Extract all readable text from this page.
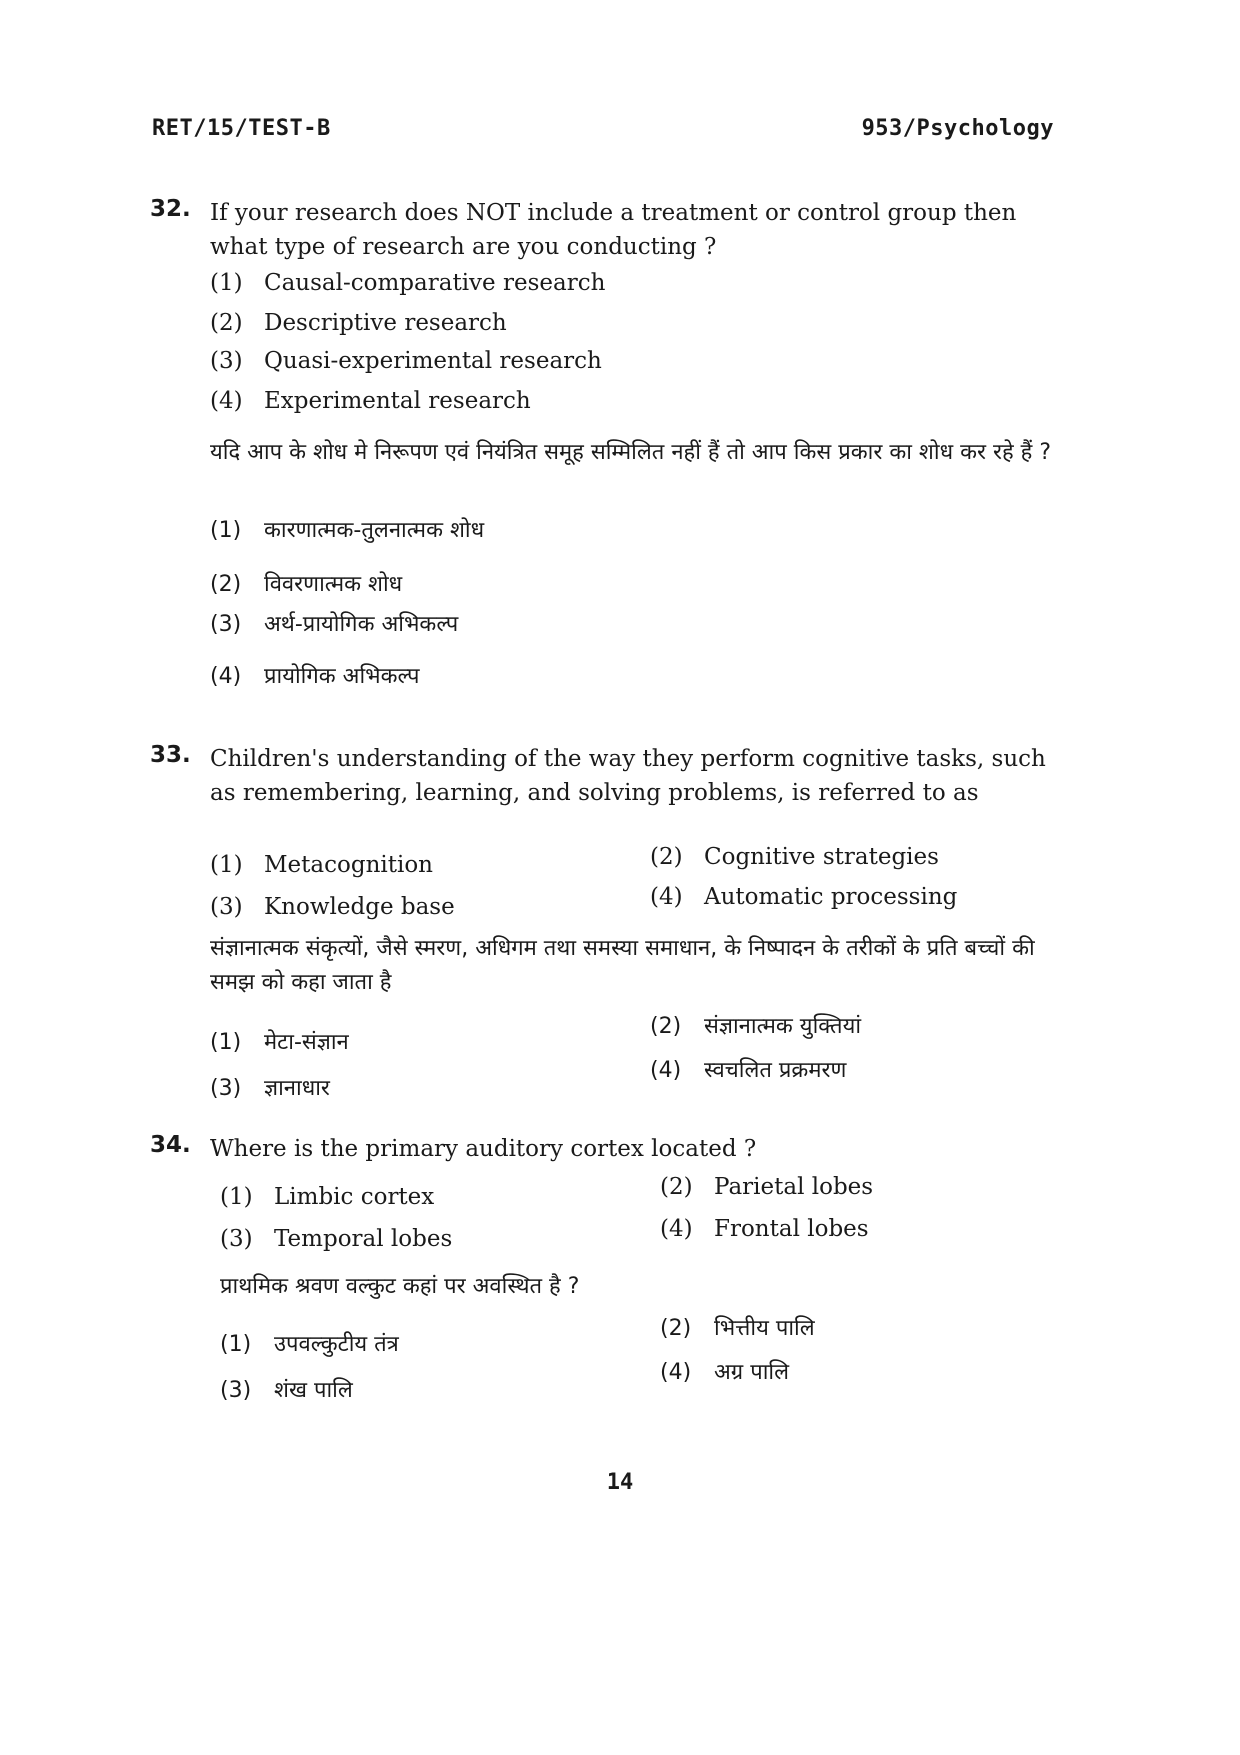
RET/15/TEST-B	953/Psychology
32. If your research does NOT include a treatment or control group then what type of research are you conducting ?
(1) Causal-comparative research
(2) Descriptive research
(3) Quasi-experimental research
(4) Experimental research
यदि आप के शोध मे निरूपण एवं नियंत्रित समूह सम्मिलित नहीं हैं तो आप किस प्रकार का शोध कर रहे हैं ?
(1) कारणात्मक-तुलनात्मक शोध
(2) विवरणात्मक शोध
(3) अर्थ-प्रायोगिक अभिकल्प
(4) प्रायोगिक अभिकल्प
33. Children's understanding of the way they perform cognitive tasks, such as remembering, learning, and solving problems, is referred to as
(1) Metacognition	(2) Cognitive strategies
(3) Knowledge base	(4) Automatic processing
संज्ञानात्मक संकृत्यों, जैसे स्मरण, अधिगम तथा समस्या समाधान, के निष्पादन के तरीकों के प्रति बच्चों की समझ को कहा जाता है
(1) मेटा-संज्ञान
(2) संज्ञानात्मक युक्तियां
(3) ज्ञानाधार
(4) स्वचलित प्रक्रमरण
34. Where is the primary auditory cortex located ?
(1) Limbic cortex	(2) Parietal lobes
(3) Temporal lobes	(4) Frontal lobes
प्राथमिक श्रवण वल्कुट कहां पर अवस्थित है ?
(1) उपवल्कुटीय तंत्र
(2) भित्तीय पालि
(3) शंख पालि
(4) अग्र पालि
14
